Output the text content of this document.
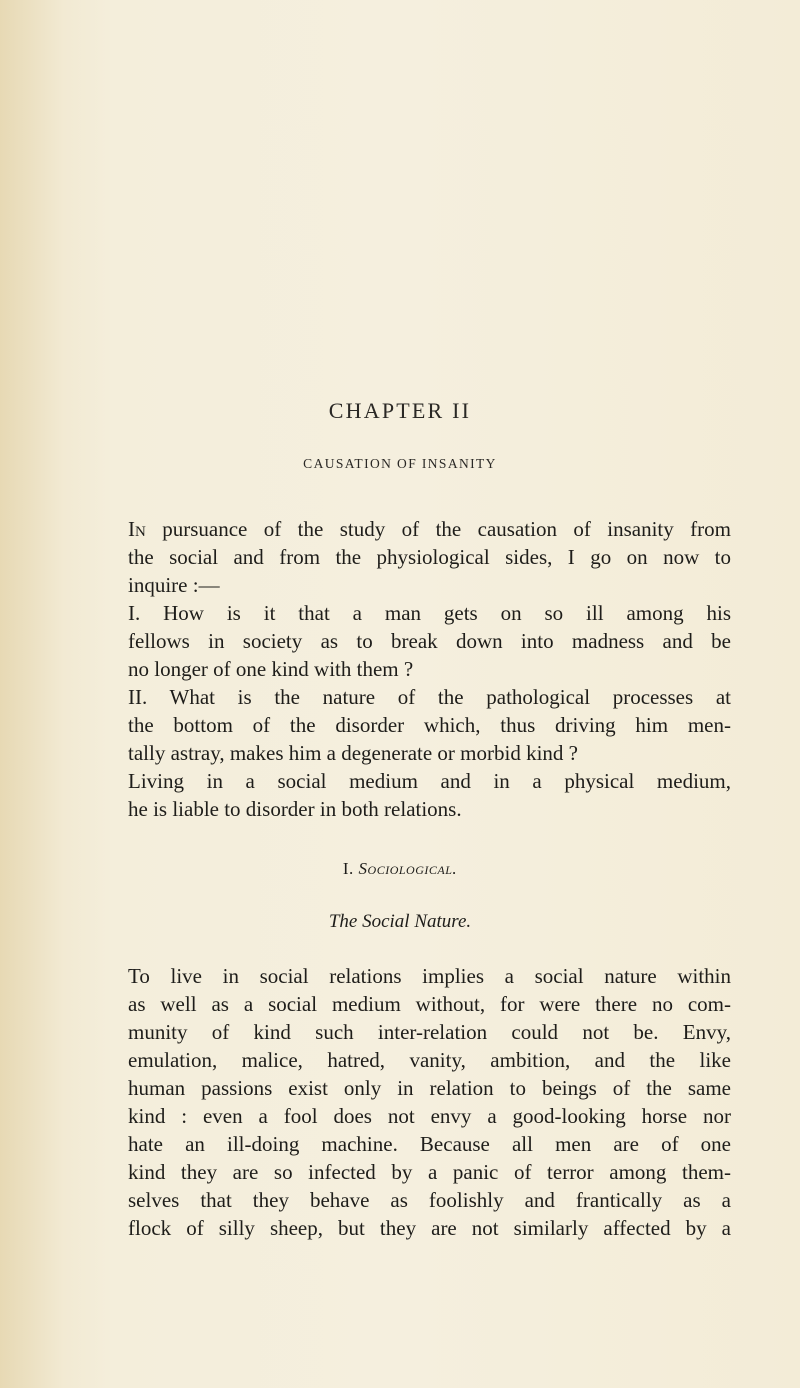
CHAPTER II
CAUSATION OF INSANITY
In pursuance of the study of the causation of insanity from
the social and from the physiological sides, I go on now to
inquire :—
I. How is it that a man gets on so ill among his
fellows in society as to break down into madness and be
no longer of one kind with them ?
II. What is the nature of the pathological processes at
the bottom of the disorder which, thus driving him men-
tally astray, makes him a degenerate or morbid kind ?
Living in a social medium and in a physical medium,
he is liable to disorder in both relations.
I. Sociological.
The Social Nature.
To live in social relations implies a social nature within
as well as a social medium without, for were there no com-
munity of kind such inter-relation could not be. Envy,
emulation, malice, hatred, vanity, ambition, and the like
human passions exist only in relation to beings of the same
kind : even a fool does not envy a good-looking horse nor
hate an ill-doing machine. Because all men are of one
kind they are so infected by a panic of terror among them-
selves that they behave as foolishly and frantically as a
flock of silly sheep, but they are not similarly affected by a
